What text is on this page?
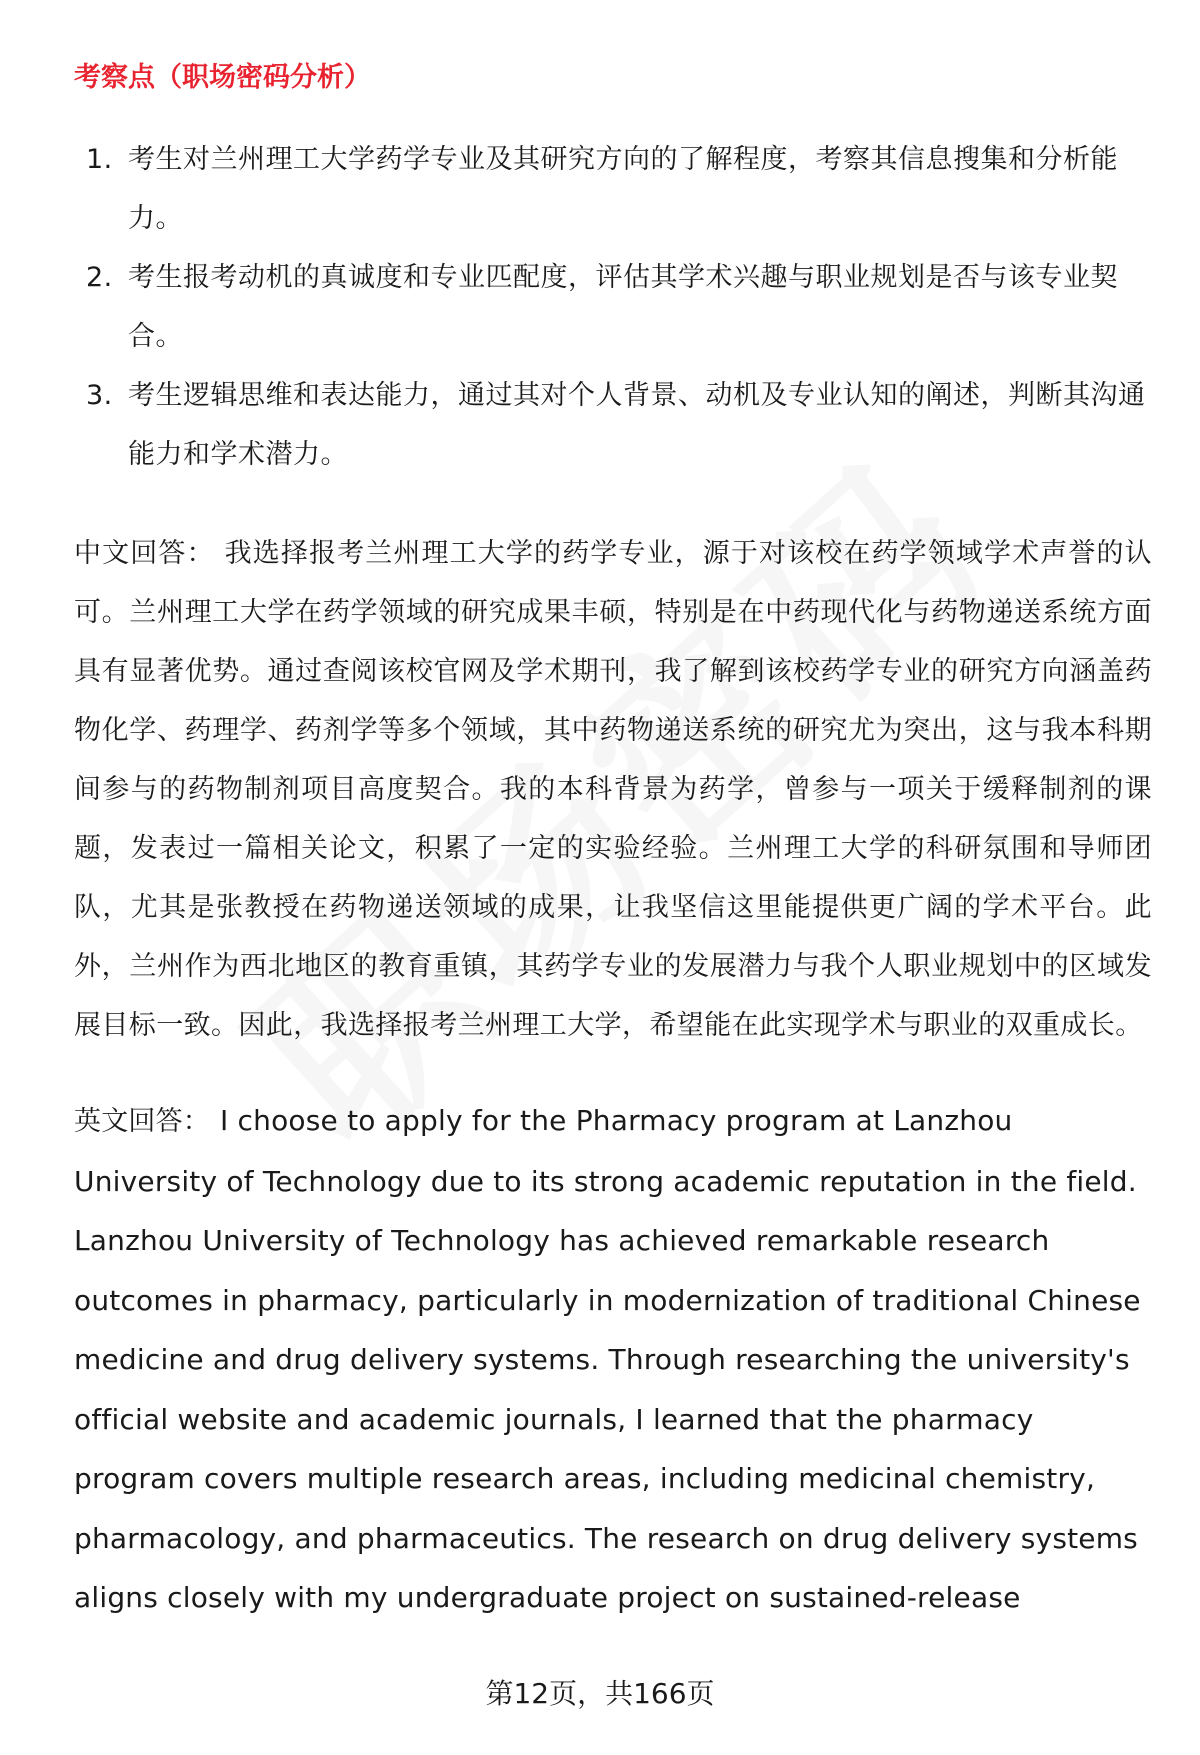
考察点（职场密码分析）
1. 考生对兰州理工大学药学专业及其研究方向的了解程度，考察其信息搜集和分析能力。
2. 考生报考动机的真诚度和专业匹配度，评估其学术兴趣与职业规划是否与该专业契合。
3. 考生逻辑思维和表达能力，通过其对个人背景、动机及专业认知的阐述，判断其沟通能力和学术潜力。

中文回答： 我选择报考兰州理工大学的药学专业，源于对该校在药学领域学术声誉的认可。兰州理工大学在药学领域的研究成果丰硕，特别是在中药现代化与药物递送系统方面具有显著优势。通过查阅该校官网及学术期刊，我了解到该校药学专业的研究方向涵盖药物化学、药理学、药剂学等多个领域，其中药物递送系统的研究尤为突出，这与我本科期间参与的药物制剂项目高度契合。我的本科背景为药学，曾参与一项关于缓释制剂的课题，发表过一篇相关论文，积累了一定的实验经验。兰州理工大学的科研氛围和导师团队，尤其是张教授在药物递送领域的成果，让我坚信这里能提供更广阔的学术平台。此外，兰州作为西北地区的教育重镇，其药学专业的发展潜力与我个人职业规划中的区域发展目标一致。因此，我选择报考兰州理工大学，希望能在此实现学术与职业的双重成长。

英文回答： I choose to apply for the Pharmacy program at Lanzhou University of Technology due to its strong academic reputation in the field. Lanzhou University of Technology has achieved remarkable research outcomes in pharmacy, particularly in modernization of traditional Chinese medicine and drug delivery systems. Through researching the university's official website and academic journals, I learned that the pharmacy program covers multiple research areas, including medicinal chemistry, pharmacology, and pharmaceutics. The research on drug delivery systems aligns closely with my undergraduate project on sustained-release

第12页，共166页
